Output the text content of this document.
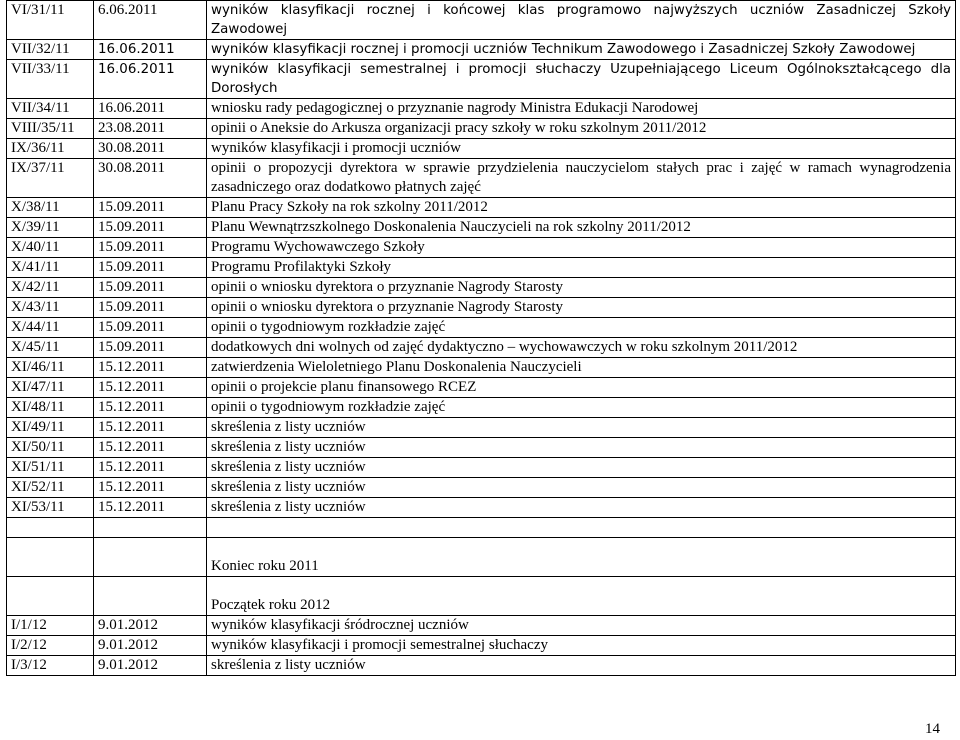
VI/31/11	6.06.2011	wyników klasyfikacji rocznej i końcowej klas programowo najwyższych uczniów Zasadniczej Szkoły Zawodowej
VII/32/11	16.06.2011	wyników klasyfikacji rocznej i promocji uczniów Technikum Zawodowego i Zasadniczej Szkoły Zawodowej
VII/33/11	16.06.2011	wyników klasyfikacji semestralnej i promocji słuchaczy Uzupełniającego Liceum Ogólnokształcącego dla Dorosłych
VII/34/11	16.06.2011	wniosku rady pedagogicznej o przyznanie nagrody Ministra Edukacji Narodowej
VIII/35/11	23.08.2011	opinii o Aneksie do Arkusza organizacji pracy szkoły w roku szkolnym 2011/2012
IX/36/11	30.08.2011	wyników klasyfikacji i promocji uczniów
IX/37/11	30.08.2011	opinii o propozycji dyrektora w sprawie przydzielenia nauczycielom stałych prac i zajęć w ramach wynagrodzenia zasadniczego oraz dodatkowo płatnych zajęć
X/38/11	15.09.2011	Planu Pracy Szkoły na rok szkolny 2011/2012
X/39/11	15.09.2011	Planu Wewnątrzszkolnego Doskonalenia Nauczycieli na rok szkolny 2011/2012
X/40/11	15.09.2011	Programu Wychowawczego Szkoły
X/41/11	15.09.2011	Programu Profilaktyki Szkoły
X/42/11	15.09.2011	opinii o wniosku dyrektora o przyznanie Nagrody Starosty
X/43/11	15.09.2011	opinii o wniosku dyrektora o przyznanie Nagrody Starosty
X/44/11	15.09.2011	opinii o tygodniowym rozkładzie zajęć
X/45/11	15.09.2011	dodatkowych dni wolnych od zajęć dydaktyczno – wychowawczych w roku szkolnym 2011/2012
XI/46/11	15.12.2011	zatwierdzenia Wieloletniego Planu Doskonalenia Nauczycieli
XI/47/11	15.12.2011	opinii o projekcie planu finansowego RCEZ
XI/48/11	15.12.2011	opinii o tygodniowym rozkładzie zajęć
XI/49/11	15.12.2011	skreślenia z listy uczniów
XI/50/11	15.12.2011	skreślenia z listy uczniów
XI/51/11	15.12.2011	skreślenia z listy uczniów
XI/52/11	15.12.2011	skreślenia z listy uczniów
XI/53/11	15.12.2011	skreślenia z listy uczniów

		Koniec roku 2011
		Początek roku 2012
I/1/12	9.01.2012	wyników klasyfikacji śródrocznej uczniów
I/2/12	9.01.2012	wyników klasyfikacji i promocji semestralnej słuchaczy
I/3/12	9.01.2012	skreślenia z listy uczniów
14
